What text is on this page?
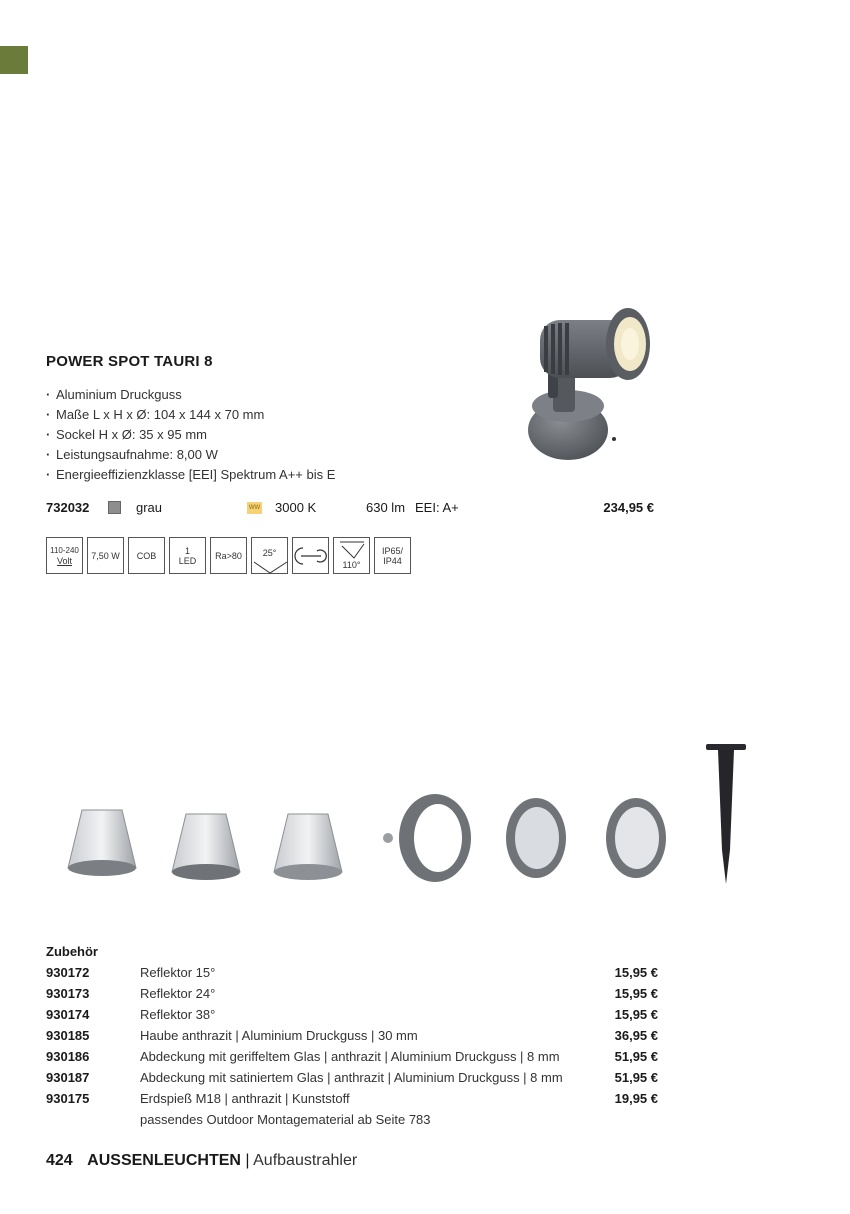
POWER SPOT TAURI 8
· Aluminium Druckguss
· Maße L x H x Ø: 104 x 144 x 70 mm
· Sockel H x Ø: 35 x 95 mm
· Leistungsaufnahme: 8,00 W
· Energieeffizienzklasse [EEI] Spektrum A++ bis E
732032	grau	WW 3000 K	630 lm EEI: A+	234,95 €
110-240
Volt	7,50 W	COB	1
LED	Ra>80	25°
110°
IP65/
IP44
Zubehör
930172	Reflektor 15°	15,95 €
930173	Reflektor 24°	15,95 €
930174	Reflektor 38°	15,95 €
930185	Haube anthrazit | Aluminium Druckguss | 30 mm	36,95 €
930186	Abdeckung mit geriffeltem Glas | anthrazit | Aluminium Druckguss | 8 mm	51,95 €
930187	Abdeckung mit satiniertem Glas | anthrazit | Aluminium Druckguss | 8 mm	51,95 €
930175	Erdspieß M18 | anthrazit | Kunststoff	19,95 €
passendes Outdoor Montagematerial ab Seite 783
424 AUSSENLEUCHTEN | Aufbaustrahler
